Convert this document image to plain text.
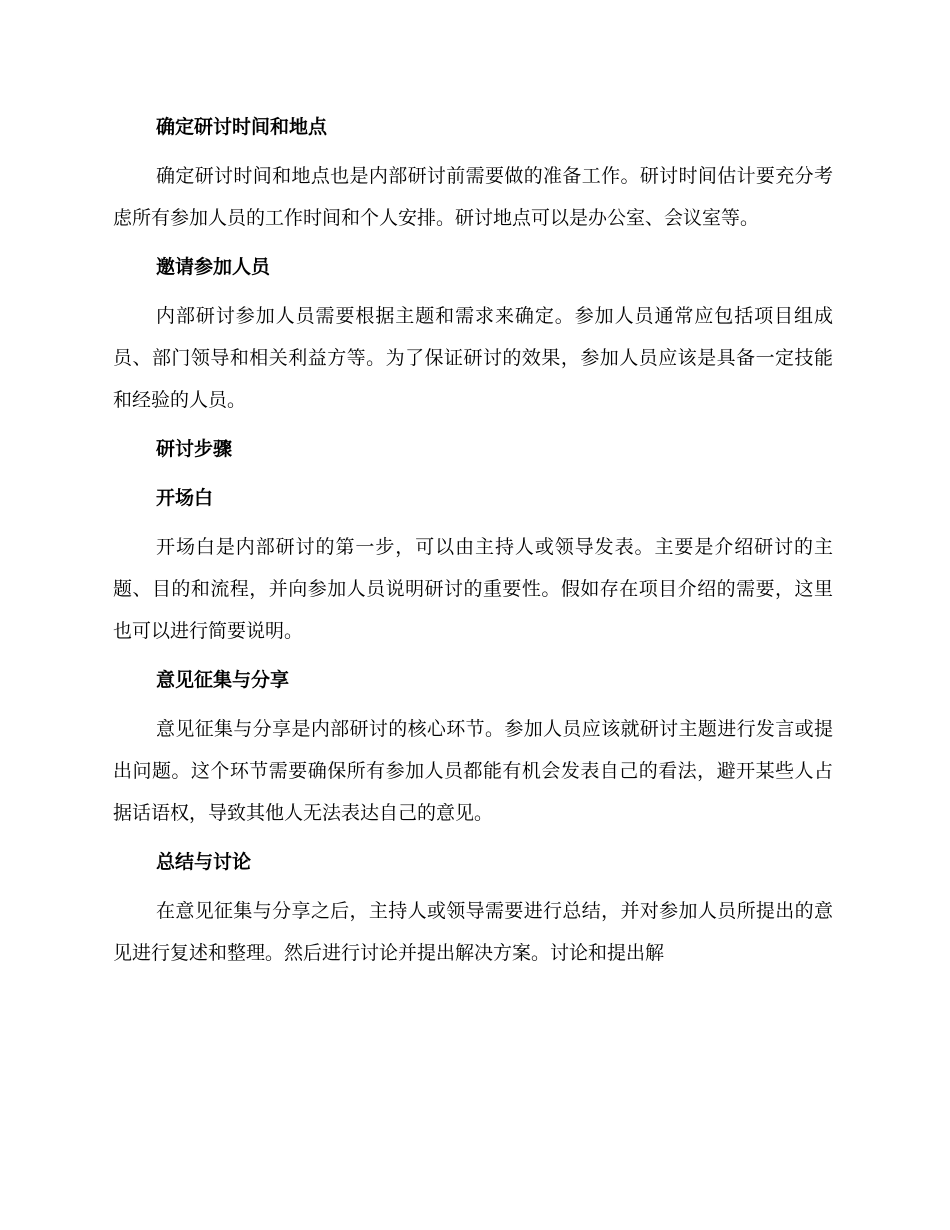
确定研讨时间和地点
确定研讨时间和地点也是内部研讨前需要做的准备工作。研讨时间估计要充分考虑所有参加人员的工作时间和个人安排。研讨地点可以是办公室、会议室等。
邀请参加人员
内部研讨参加人员需要根据主题和需求来确定。参加人员通常应包括项目组成员、部门领导和相关利益方等。为了保证研讨的效果，参加人员应该是具备一定技能和经验的人员。
研讨步骤
开场白
开场白是内部研讨的第一步，可以由主持人或领导发表。主要是介绍研讨的主题、目的和流程，并向参加人员说明研讨的重要性。假如存在项目介绍的需要，这里也可以进行简要说明。
意见征集与分享
意见征集与分享是内部研讨的核心环节。参加人员应该就研讨主题进行发言或提出问题。这个环节需要确保所有参加人员都能有机会发表自己的看法，避开某些人占据话语权，导致其他人无法表达自己的意见。
总结与讨论
在意见征集与分享之后，主持人或领导需要进行总结，并对参加人员所提出的意见进行复述和整理。然后进行讨论并提出解决方案。讨论和提出解
